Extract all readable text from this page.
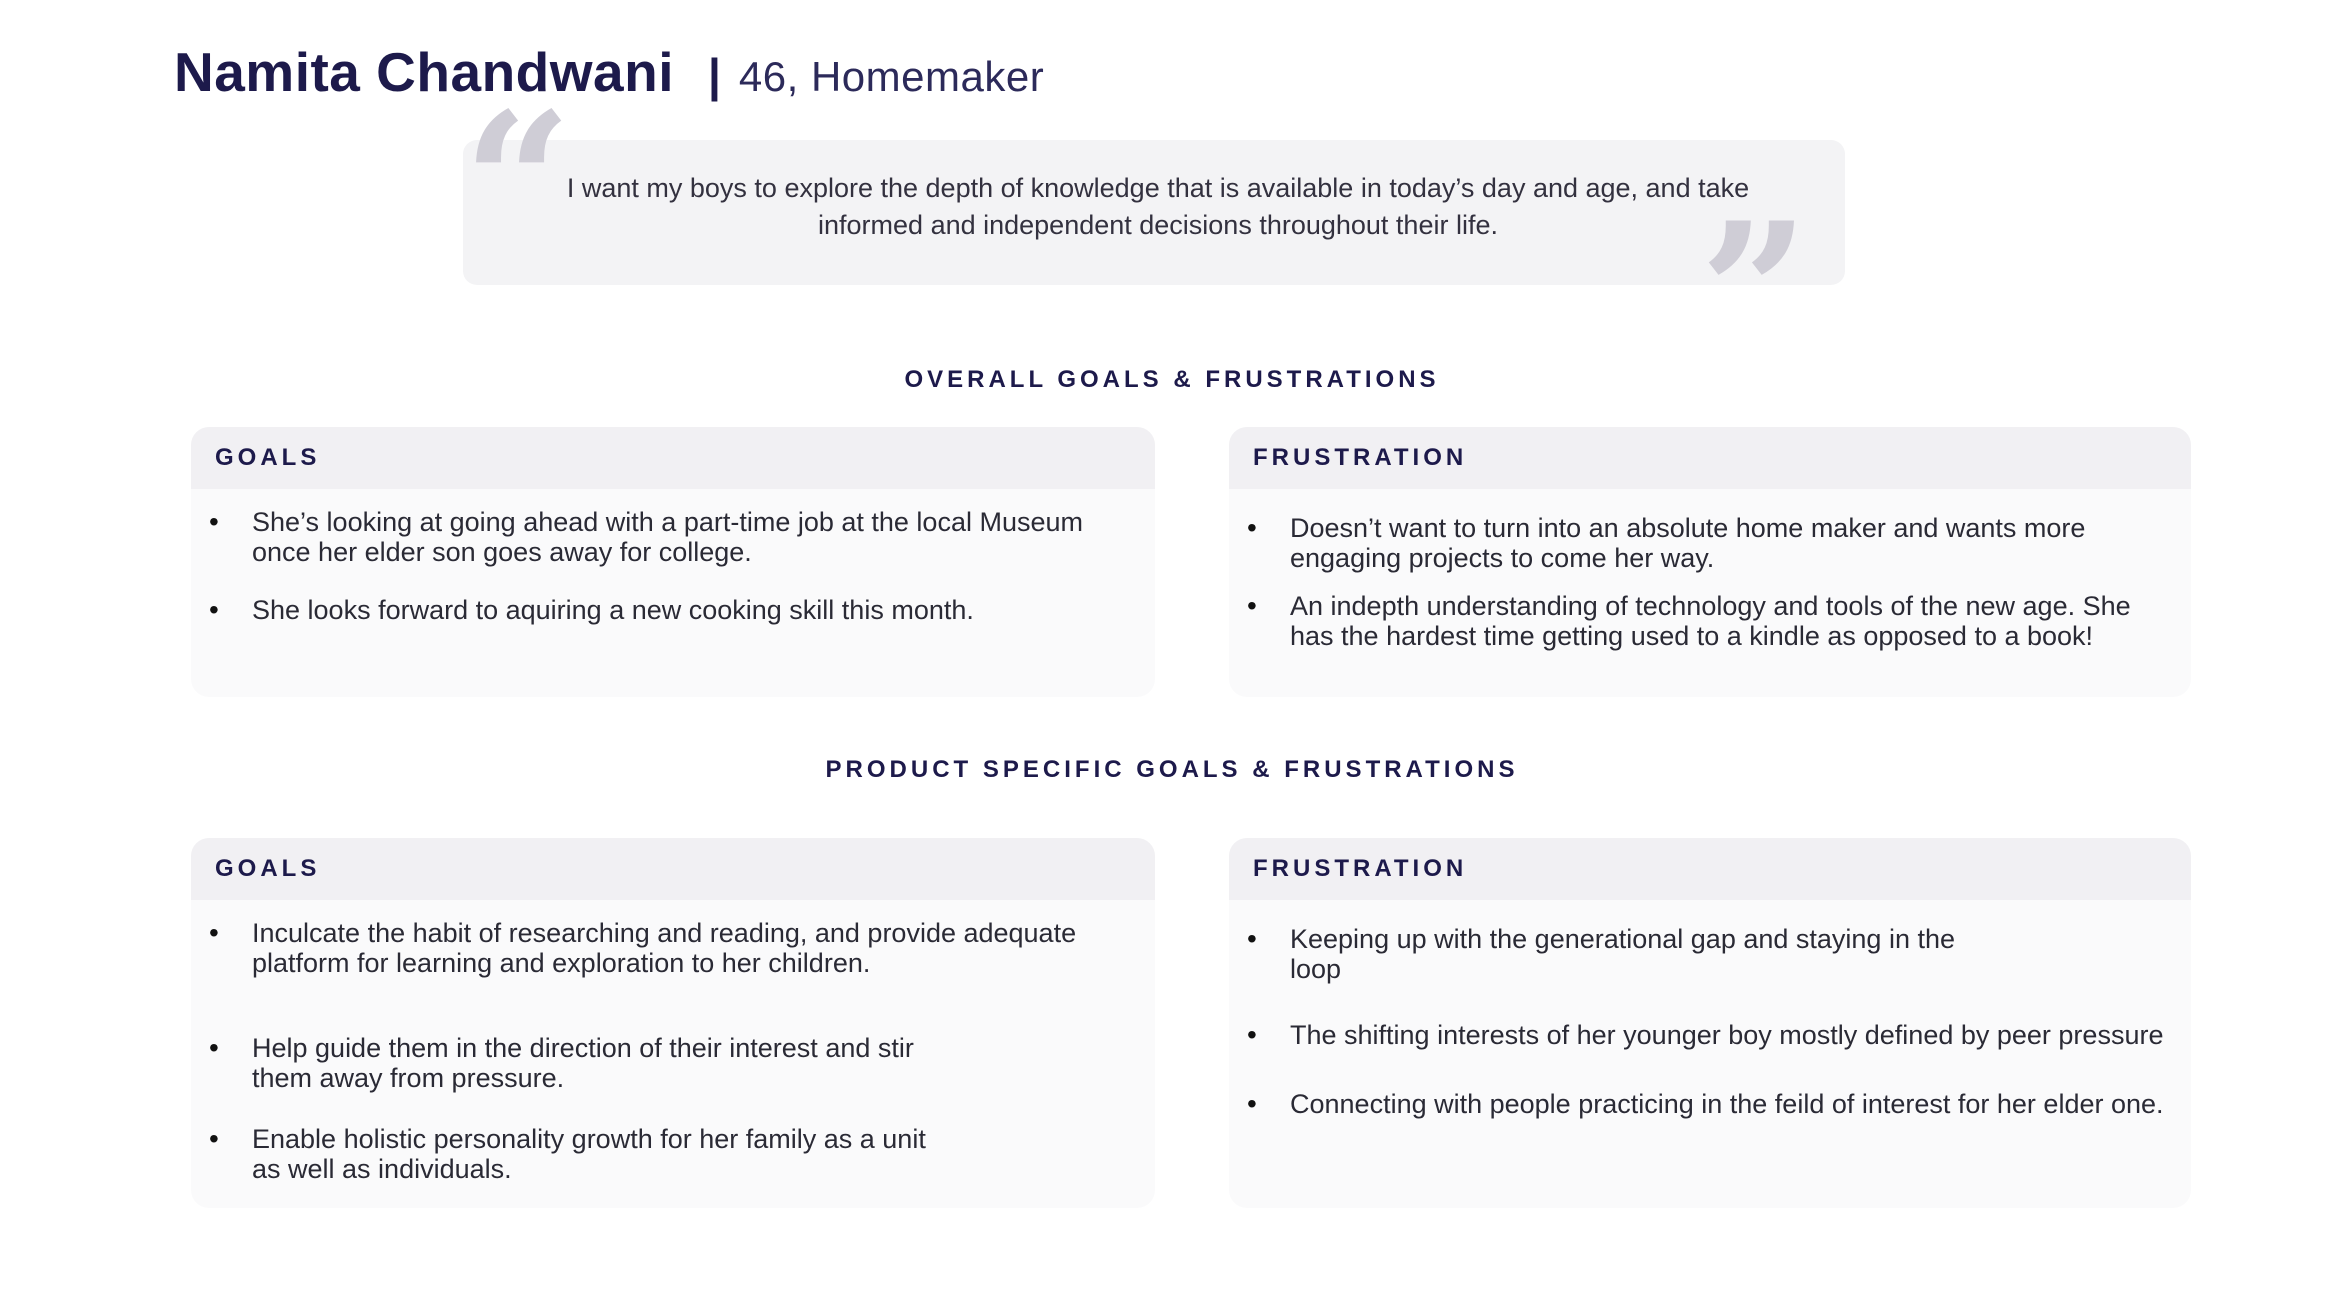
Namita Chandwani | 46, Homemaker
“
I want my boys to explore the depth of knowledge that is available in today’s day and age, and take informed and independent decisions throughout their life.	”
OVERALL GOALS & FRUSTRATIONS
GOALS
• She’s looking at going ahead with a part-time job at the local Museum once her elder son goes away for college.
• She looks forward to aquiring a new cooking skill this month.
FRUSTRATION
• Doesn’t want to turn into an absolute home maker and wants more engaging projects to come her way.
• An indepth understanding of technology and tools of the new age. She has the hardest time getting used to a kindle as opposed to a book!
PRODUCT SPECIFIC GOALS & FRUSTRATIONS
GOALS
• Inculcate the habit of researching and reading, and provide adequate platform for learning and exploration to her children.
• Help guide them in the direction of their interest and stir them away from pressure.
• Enable holistic personality growth for her family as a unit as well as individuals.
FRUSTRATION
• Keeping up with the generational gap and staying in the loop
• The shifting interests of her younger boy mostly defined by peer pressure
• Connecting with people practicing in the feild of interest for her elder one.
